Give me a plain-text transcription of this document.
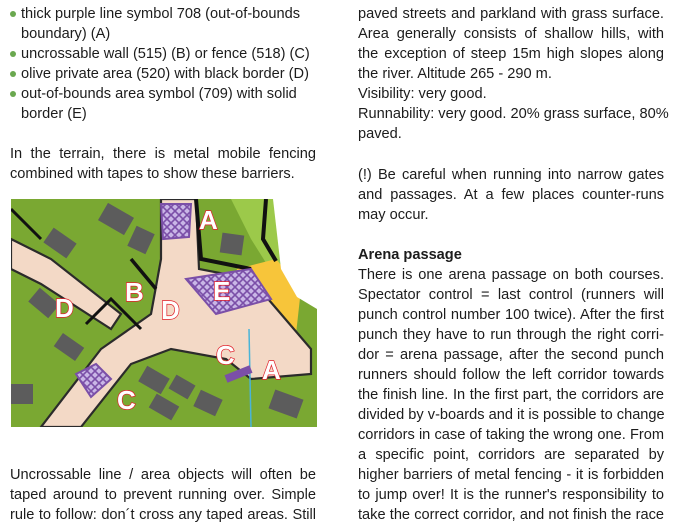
thick purple line symbol 708 (out-of-bounds
boundary) (A)
uncrossable wall (515) (B) or fence (518) (C)
olive private area (520) with black border (D)
out-of-bounds area symbol (709) with solid
border (E)
In the terrain, there is metal mobile fencing
combined with tapes to show these barriers.
A
A
B
C
C
D
D
E
Uncrossable line / area objects will often be
taped around to prevent running over. Simple
rule to follow: don´t cross any taped areas. Still
paved streets and parkland with grass surface.
Area generally consists of shallow hills, with
the exception of steep 15m high slopes along
the river. Altitude 265 - 290 m.
Visibility: very good.
Runnability: very good. 20% grass surface, 80%
paved.
(!) Be careful when running into narrow gates
and passages. At a few places counter-runs
may occur.
Arena passage
There is one arena passage on both courses.
Spectator control = last control (runners will
punch control number 100 twice). After the first
punch they have to run through the right corri-
dor = arena passage, after the second punch
runners should follow the left corridor towards
the finish line. In the first part, the corridors are
divided by v-boards and it is possible to change
corridors in case of taking the wrong one. From
a specific point, corridors are separated by
higher barriers of metal fencing - it is forbidden
to jump over! It is the runner's responsibility to
take the correct corridor, and not finish the race
